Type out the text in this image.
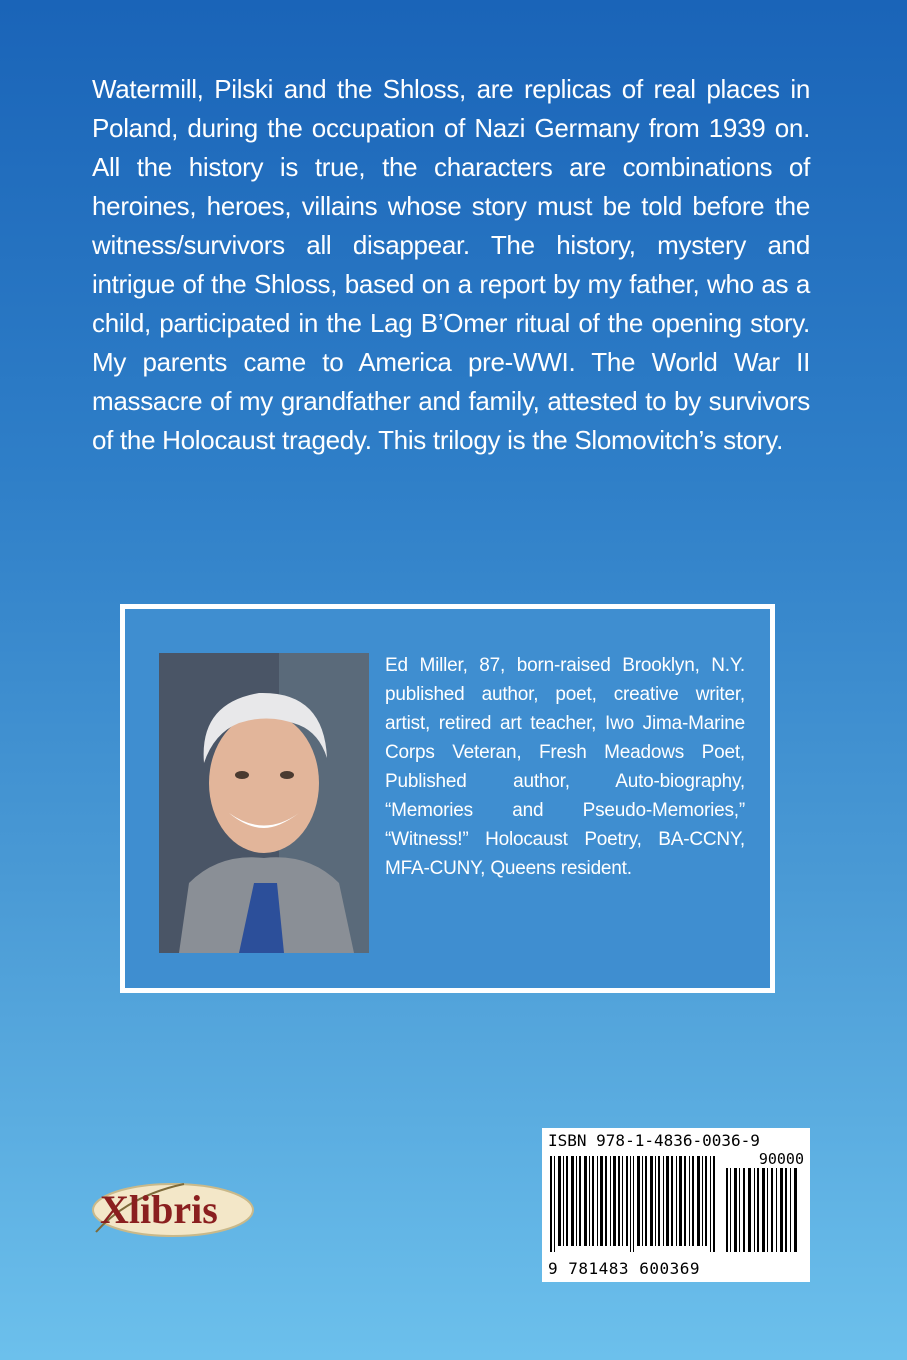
Watermill, Pilski and the Shloss, are replicas of real places in Poland, during the occupation of Nazi Germany from 1939 on. All the history is true, the characters are combinations of heroines, heroes, villains whose story must be told before the witness/survivors all disappear. The history, mystery and intrigue of the Shloss, based on a report by my father, who as a child, participated in the Lag B’Omer ritual of the opening story. My parents came to America pre-WWI. The World War II massacre of my grandfather and family, attested to by survivors of the Holocaust tragedy. This trilogy is the Slomovitch’s story.
Ed Miller, 87, born-raised Brooklyn, N.Y. published author, poet, creative writer, artist, retired art teacher, Iwo Jima-Marine Corps Veteran, Fresh Meadows Poet, Published author, Auto-biography, “Memories and Pseudo-Memories,” “Witness!” Holocaust Poetry, BA-CCNY, MFA-CUNY, Queens resident.
Xlibris
ISBN 978-1-4836-0036-9
90000
9 781483 600369
